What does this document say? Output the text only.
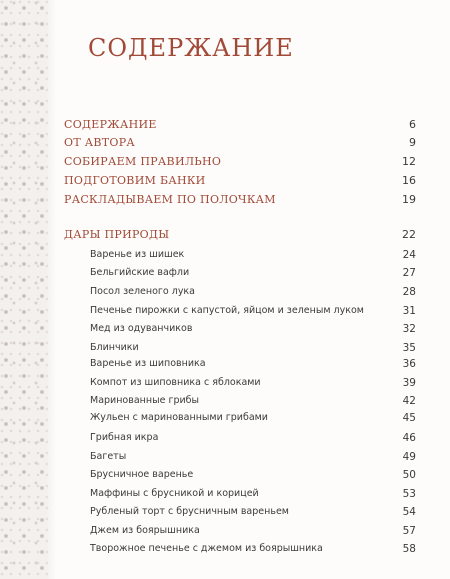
СОДЕРЖАНИЕ
СОДЕРЖАНИЕ	6
ОТ АВТОРА	9
СОБИРАЕМ ПРАВИЛЬНО	12
ПОДГОТОВИМ БАНКИ	16
РАСКЛАДЫВАЕМ ПО ПОЛОЧКАМ	19
ДАРЫ ПРИРОДЫ	22
Варенье из шишек	24
Бельгийские вафли	27
Посол зеленого лука	28
Печенье пирожки с капустой, яйцом и зеленым луком	31
Мед из одуванчиков	32
Блинчики	35
Варенье из шиповника	36
Компот из шиповника с яблоками	39
Маринованные грибы	42
Жульен с маринованными грибами	45
Грибная икра	46
Багеты	49
Брусничное варенье	50
Маффины с брусникой и корицей	53
Рубленый торт с брусничным вареньем	54
Джем из боярышника	57
Творожное печенье с джемом из боярышника	58
